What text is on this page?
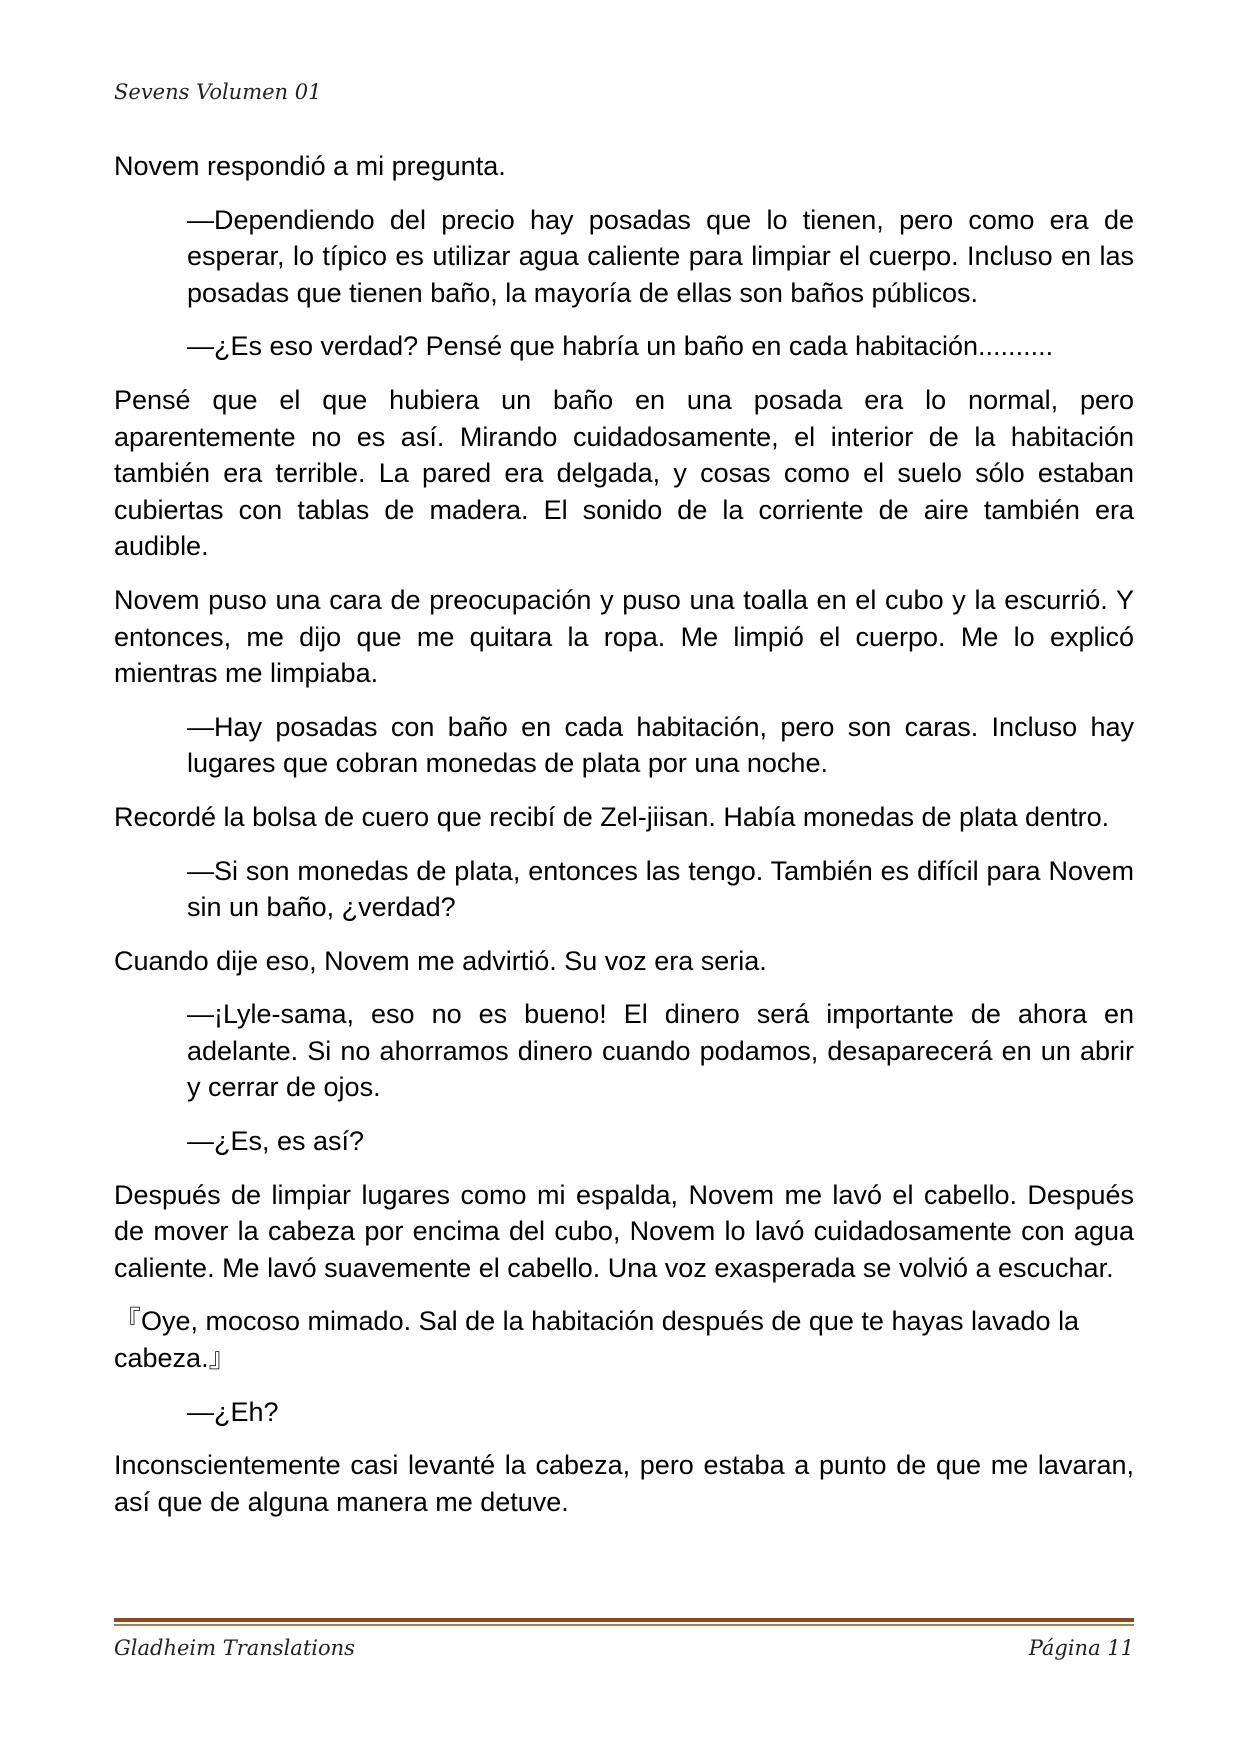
Sevens Volumen 01

Novem respondió a mi pregunta.

—Dependiendo del precio hay posadas que lo tienen, pero como era de esperar, lo típico es utilizar agua caliente para limpiar el cuerpo. Incluso en las posadas que tienen baño, la mayoría de ellas son baños públicos.

—¿Es eso verdad? Pensé que habría un baño en cada habitación..........

Pensé que el que hubiera un baño en una posada era lo normal, pero aparentemente no es así. Mirando cuidadosamente, el interior de la habitación también era terrible. La pared era delgada, y cosas como el suelo sólo estaban cubiertas con tablas de madera. El sonido de la corriente de aire también era audible.

Novem puso una cara de preocupación y puso una toalla en el cubo y la escurrió. Y entonces, me dijo que me quitara la ropa. Me limpió el cuerpo. Me lo explicó mientras me limpiaba.

—Hay posadas con baño en cada habitación, pero son caras. Incluso hay lugares que cobran monedas de plata por una noche.

Recordé la bolsa de cuero que recibí de Zel-jiisan. Había monedas de plata dentro.

—Si son monedas de plata, entonces las tengo. También es difícil para Novem sin un baño, ¿verdad?

Cuando dije eso, Novem me advirtió. Su voz era seria.

—¡Lyle-sama, eso no es bueno! El dinero será importante de ahora en adelante. Si no ahorramos dinero cuando podamos, desaparecerá en un abrir y cerrar de ojos.

—¿Es, es así?

Después de limpiar lugares como mi espalda, Novem me lavó el cabello. Después de mover la cabeza por encima del cubo, Novem lo lavó cuidadosamente con agua caliente. Me lavó suavemente el cabello. Una voz exasperada se volvió a escuchar.

『Oye, mocoso mimado. Sal de la habitación después de que te hayas lavado la cabeza.』

—¿Eh?

Inconscientemente casi levanté la cabeza, pero estaba a punto de que me lavaran, así que de alguna manera me detuve.

Gladheim Translations	Página 11
